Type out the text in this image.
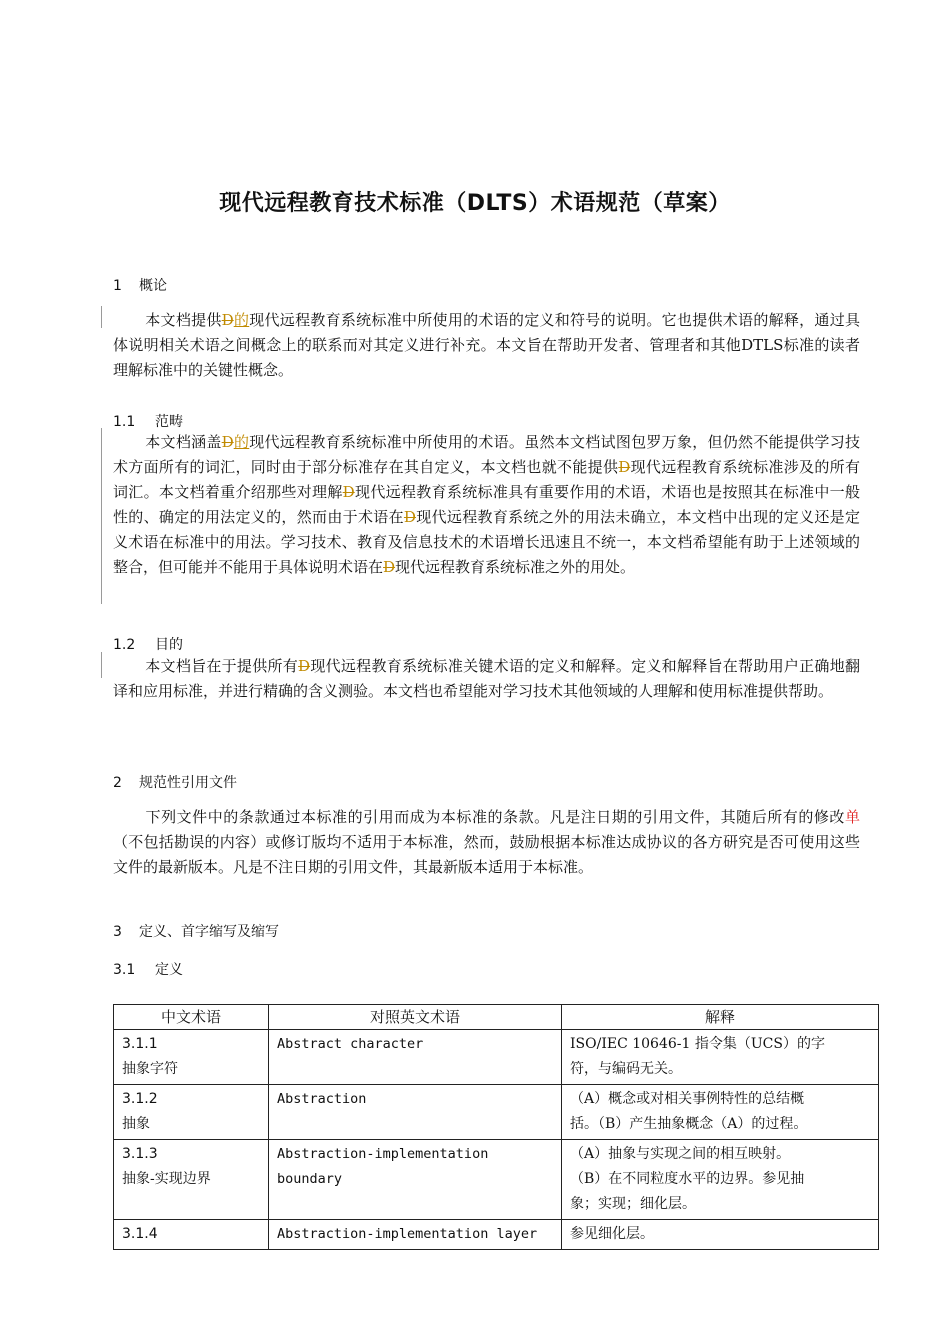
现代远程教育技术标准（DLTS）术语规范（草案）
1 概论

本文档提供D的现代远程教育系统标准中所使用的术语的定义和符号的说明。它也提供术语的解释，通过具体说明相关术语之间概念上的联系而对其定义进行补充。本文旨在帮助开发者、管理者和其他DTLS标准的读者理解标准中的关键性概念。

1.1 范畴

本文档涵盖D的现代远程教育系统标准中所使用的术语。虽然本文档试图包罗万象，但仍然不能提供学习技术方面所有的词汇，同时由于部分标准存在其自定义，本文档也就不能提供D现代远程教育系统标准涉及的所有词汇。本文档着重介绍那些对理解D现代远程教育系统标准具有重要作用的术语，术语也是按照其在标准中一般性的、确定的用法定义的，然而由于术语在D现代远程教育系统之外的用法未确立，本文档中出现的定义还是定义术语在标准中的用法。学习技术、教育及信息技术的术语增长迅速且不统一，本文档希望能有助于上述领域的整合，但可能并不能用于具体说明术语在D现代远程教育系统标准之外的用处。

1.2 目的

本文档旨在于提供所有D现代远程教育系统标准关键术语的定义和解释。定义和解释旨在帮助用户正确地翻译和应用标准，并进行精确的含义测验。本文档也希望能对学习技术其他领域的人理解和使用标准提供帮助。

2 规范性引用文件

下列文件中的条款通过本标准的引用而成为本标准的条款。凡是注日期的引用文件，其随后所有的修改单（不包括勘误的内容）或修订版均不适用于本标准，然而，鼓励根据本标准达成协议的各方研究是否可使用这些文件的最新版本。凡是不注日期的引用文件，其最新版本适用于本标准。

3 定义、首字缩写及缩写
3.1 定义
中文术语	对照英文术语	解释

3.1.1
抽象字符	Abstract character	ISO/IEC 10646-1 指令集（UCS）的字
符，与编码无关。

3.1.2
抽象	Abstraction	（A）概念或对相关事例特性的总结概
括。（B）产生抽象概念（A）的过程。

3.1.3
抽象-实现边界	Abstraction-implementation
boundary	（A）抽象与实现之间的相互映射。
（B）在不同粒度水平的边界。参见抽
象；实现；细化层。

3.1.4	Abstraction-implementation layer	参见细化层。
